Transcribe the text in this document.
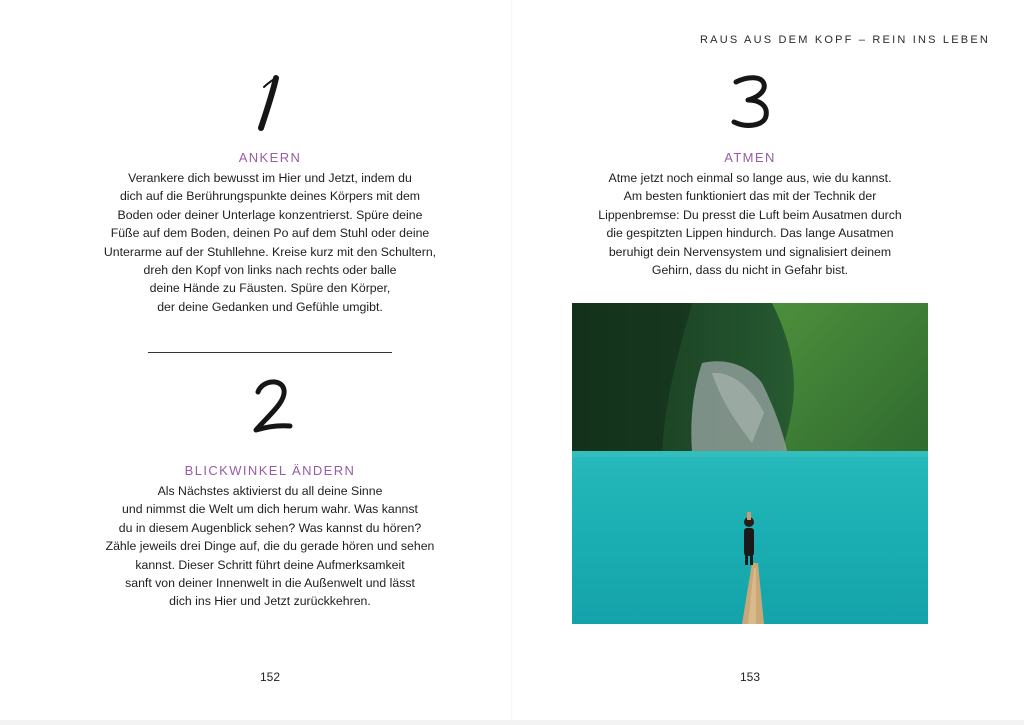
RAUS AUS DEM KOPF – REIN INS LEBEN
ANKERN
Verankere dich bewusst im Hier und Jetzt, indem du
dich auf die Berührungspunkte deines Körpers mit dem
Boden oder deiner Unterlage konzentrierst. Spüre deine
Füße auf dem Boden, deinen Po auf dem Stuhl oder deine
Unterarme auf der Stuhllehne. Kreise kurz mit den Schultern,
dreh den Kopf von links nach rechts oder balle
deine Hände zu Fäusten. Spüre den Körper,
der deine Gedanken und Gefühle umgibt.
BLICKWINKEL ÄNDERN
Als Nächstes aktivierst du all deine Sinne
und nimmst die Welt um dich herum wahr. Was kannst
du in diesem Augenblick sehen? Was kannst du hören?
Zähle jeweils drei Dinge auf, die du gerade hören und sehen
kannst. Dieser Schritt führt deine Aufmerksamkeit
sanft von deiner Innenwelt in die Außenwelt und lässt
dich ins Hier und Jetzt zurückkehren.
152
ATMEN
Atme jetzt noch einmal so lange aus, wie du kannst.
Am besten funktioniert das mit der Technik der
Lippenbremse: Du presst die Luft beim Ausatmen durch
die gespitzten Lippen hindurch. Das lange Ausatmen
beruhigt dein Nervensystem und signalisiert deinem
Gehirn, dass du nicht in Gefahr bist.
153
